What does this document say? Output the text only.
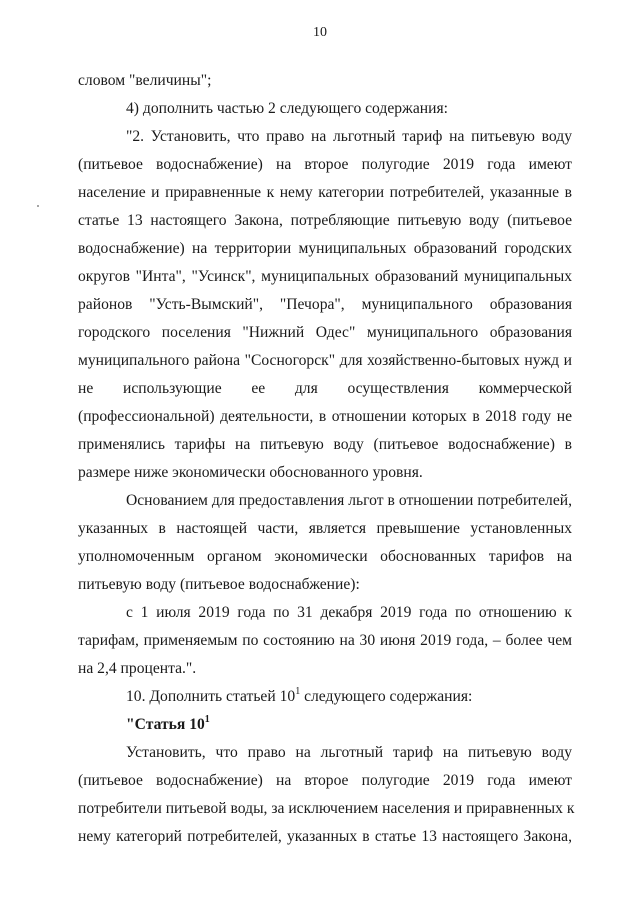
10
словом "величины";
4) дополнить частью 2 следующего содержания:
"2. Установить, что право на льготный тариф на питьевую воду
(питьевое водоснабжение) на второе полугодие 2019 года имеют
население и приравненные к нему категории потребителей, указанные в
статье 13 настоящего Закона, потребляющие питьевую воду (питьевое
водоснабжение) на территории муниципальных образований городских
округов "Инта", "Усинск", муниципальных образований муниципальных
районов "Усть-Вымский", "Печора", муниципального образования
городского поселения "Нижний Одес" муниципального образования
муниципального района "Сосногорск" для хозяйственно-бытовых нужд и
не использующие ее для осуществления коммерческой
(профессиональной) деятельности, в отношении которых в 2018 году не
применялись тарифы на питьевую воду (питьевое водоснабжение) в
размере ниже экономически обоснованного уровня.
Основанием для предоставления льгот в отношении потребителей,
указанных в настоящей части, является превышение установленных
уполномоченным органом экономически обоснованных тарифов на
питьевую воду (питьевое водоснабжение):
с 1 июля 2019 года по 31 декабря 2019 года по отношению к
тарифам, применяемым по состоянию на 30 июня 2019 года, – более чем
на 2,4 процента.".
10. Дополнить статьей $10^1$ следующего содержания:
"Статья $10^1$
Установить, что право на льготный тариф на питьевую воду
(питьевое водоснабжение) на второе полугодие 2019 года имеют
потребители питьевой воды, за исключением населения и приравненных к
нему категорий потребителей, указанных в статье 13 настоящего Закона,
